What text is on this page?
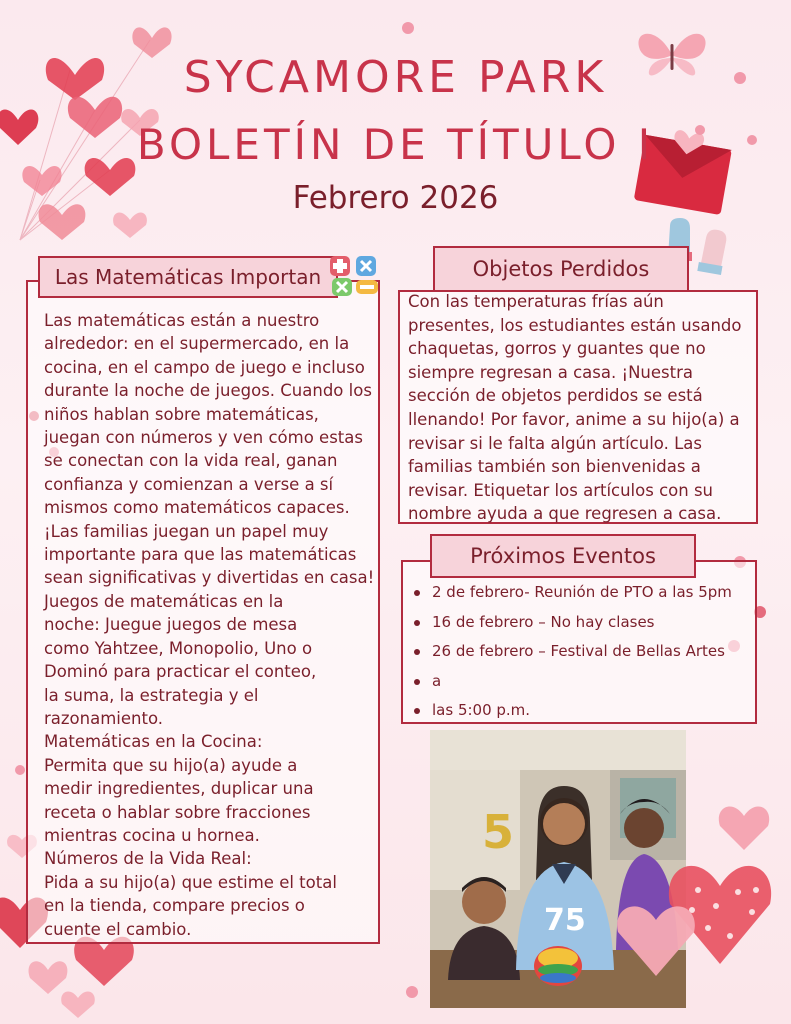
SYCAMORE PARK
BOLETÍN DE TÍTULO I
Febrero 2026
Las Matemáticas Importan
Las matemáticas están a nuestro
alrededor: en el supermercado, en la
cocina, en el campo de juego e incluso
durante la noche de juegos. Cuando los
niños hablan sobre matemáticas,
juegan con números y ven cómo estas
se conectan con la vida real, ganan
confianza y comienzan a verse a sí
mismos como matemáticos capaces.
¡Las familias juegan un papel muy
importante para que las matemáticas
sean significativas y divertidas en casa!
Juegos de matemáticas en la
noche: Juegue juegos de mesa
como Yahtzee, Monopolio, Uno o
Dominó para practicar el conteo,
la suma, la estrategia y el
razonamiento.
Matemáticas en la Cocina:
Permita que su hijo(a) ayude a
medir ingredientes, duplicar una
receta o hablar sobre fracciones
mientras cocina u hornea.
Números de la Vida Real:
Pida a su hijo(a) que estime el total
en la tienda, compare precios o
cuente el cambio.
Objetos Perdidos
Con las temperaturas frías aún
presentes, los estudiantes están usando
chaquetas, gorros y guantes que no
siempre regresan a casa. ¡Nuestra
sección de objetos perdidos se está
llenando! Por favor, anime a su hijo(a) a
revisar si le falta algún artículo. Las
familias también son bienvenidas a
revisar. Etiquetar los artículos con su
nombre ayuda a que regresen a casa.
Próximos Eventos
2 de febrero- Reunión de PTO a las 5pm
16 de febrero – No hay clases
26 de febrero – Festival de Bellas Artes
a
las 5:00 p.m.
5
75
